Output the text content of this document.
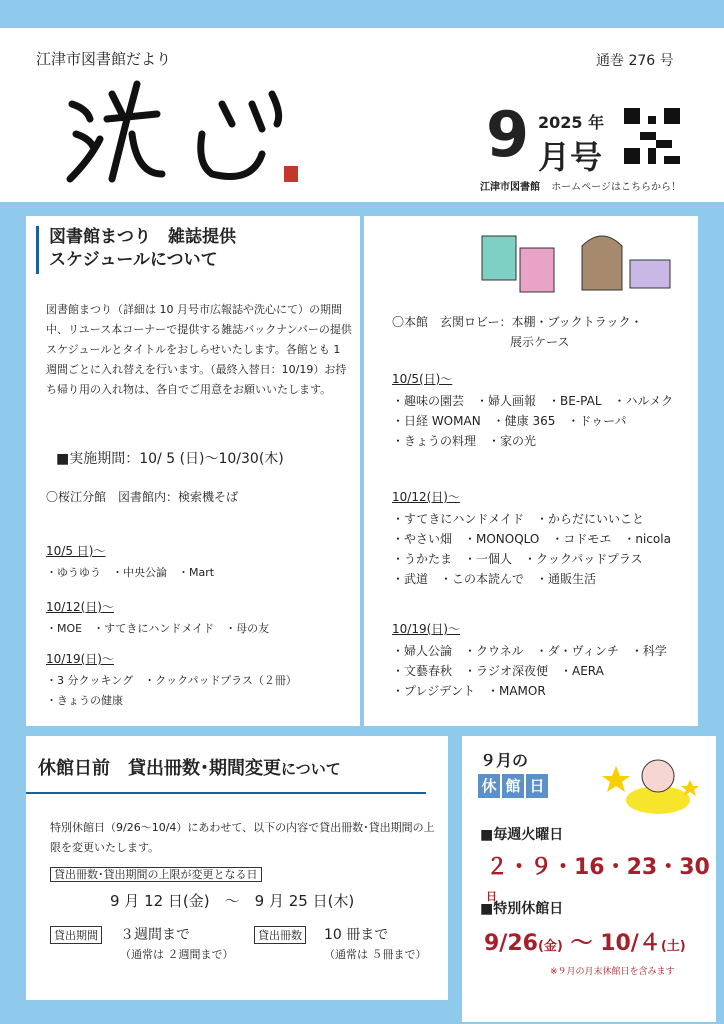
江津市図書館だより	通巻 276 号
9 2025 年
月号
江津市図書館 ホームページはこちらから！
図書館まつり　雑誌提供
スケジュールについて
図書館まつり（詳細は 10 月号市広報誌や洗心にて）の期間中、リユース本コーナーで提供する雑誌バックナンバーの提供スケジュールとタイトルをおしらせいたします。各館とも 1 週間ごとに入れ替えを行います。（最終入替日：10/19）お持ち帰り用の入れ物は、各自でご用意をお願いいたします。
■実施期間：10/ 5 (日)〜10/30(木)
〇桜江分館　図書館内：検索機そば
10/5 日)〜
・ゆうゆう　・中央公論　・Mart
10/12(日)〜
・MOE　・すてきにハンドメイド　・母の友
10/19(日)〜
・3 分クッキング　・クックパッドプラス（２冊）
・きょうの健康
〇本館　玄関ロビー：本棚・ブックトラック・
展示ケース
10/5(日)〜
・趣味の園芸　・婦人画報　・BE-PAL　・ハルメク
・日経 WOMAN　・健康 365　・ドゥーパ
・きょうの料理　・家の光
10/12(日)〜
・すてきにハンドメイド　・からだにいいこと
・やさい畑　・MONOQLO　・コドモエ　・nicola
・うかたま　・一個人　・クックパッドプラス
・武道　・この本読んで　・通販生活
10/19(日)〜
・婦人公論　・クウネル　・ダ・ヴィンチ　・科学
・文藝春秋　・ラジオ深夜便　・AERA
・プレジデント　・MAMOR
休館日前　貸出冊数･期間変更について
特別休館日（9/26〜10/4）にあわせて、以下の内容で貸出冊数･貸出期間の上限を変更いたします。
貸出冊数･貸出期間の上限が変更となる日
9 月 12 日(金)　〜　9 月 25 日(木)
貸出期間 ３週間まで
（通常は ２週間まで）
貸出冊数 10 冊まで
（通常は ５冊まで）
９月の
休 館 日
■毎週火曜日
２・９・16・23・30 日
■特別休館日
9/26(金) 〜 10/４(土)
※９月の月末休館日を含みます
